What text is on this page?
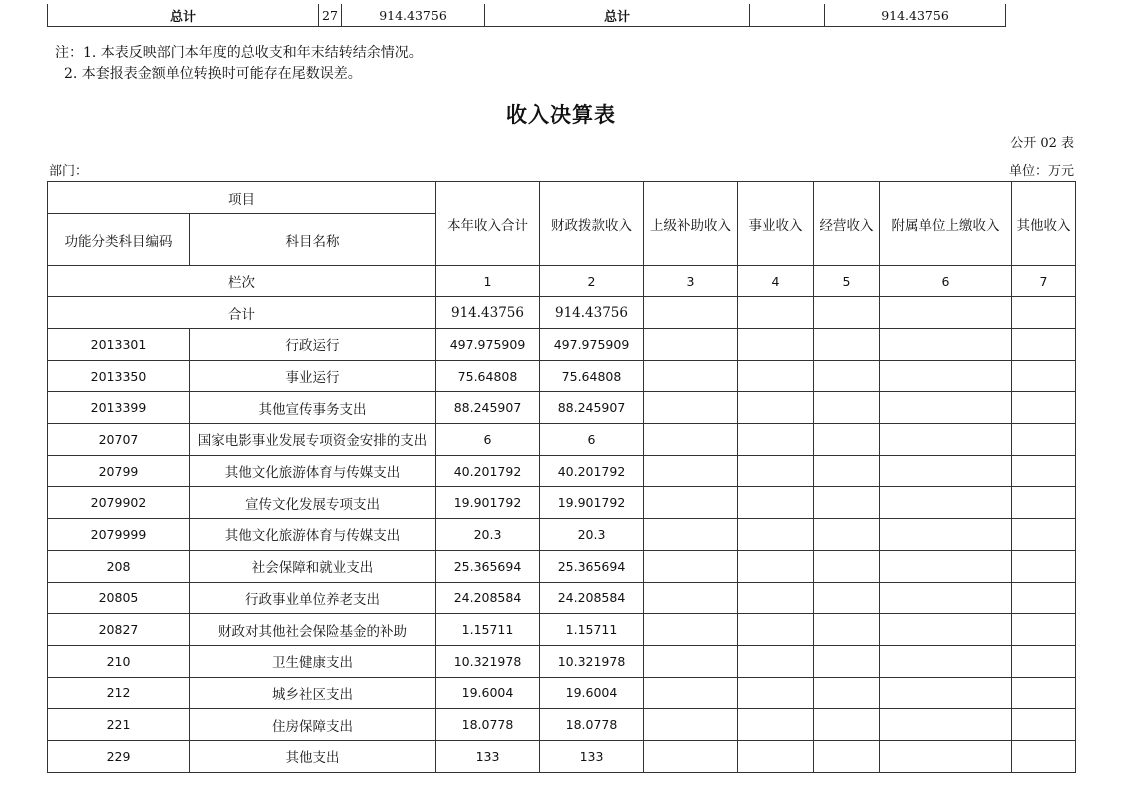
总计	27	914.43756	总计		914.43756
注：1. 本表反映部门本年度的总收支和年末结转结余情况。
2. 本套报表金额单位转换时可能存在尾数误差。
收入决算表
公开 02 表
部门：	单位：万元
项目		本年收入合计	财政拨款收入	上级补助收入	事业收入	经营收入	附属单位上缴收入	其他收入
功能分类科目编码	科目名称							
栏次		1	2	3	4	5	6	7
合计		914.43756	914.43756					
2013301	行政运行	497.975909	497.975909					
2013350	事业运行	75.64808	75.64808					
2013399	其他宣传事务支出	88.245907	88.245907					
20707	国家电影事业发展专项资金安排的支出	6	6					
20799	其他文化旅游体育与传媒支出	40.201792	40.201792					
2079902	宣传文化发展专项支出	19.901792	19.901792					
2079999	其他文化旅游体育与传媒支出	20.3	20.3					
208	社会保障和就业支出	25.365694	25.365694					
20805	行政事业单位养老支出	24.208584	24.208584					
20827	财政对其他社会保险基金的补助	1.15711	1.15711					
210	卫生健康支出	10.321978	10.321978					
212	城乡社区支出	19.6004	19.6004					
221	住房保障支出	18.0778	18.0778					
229	其他支出	133	133					
